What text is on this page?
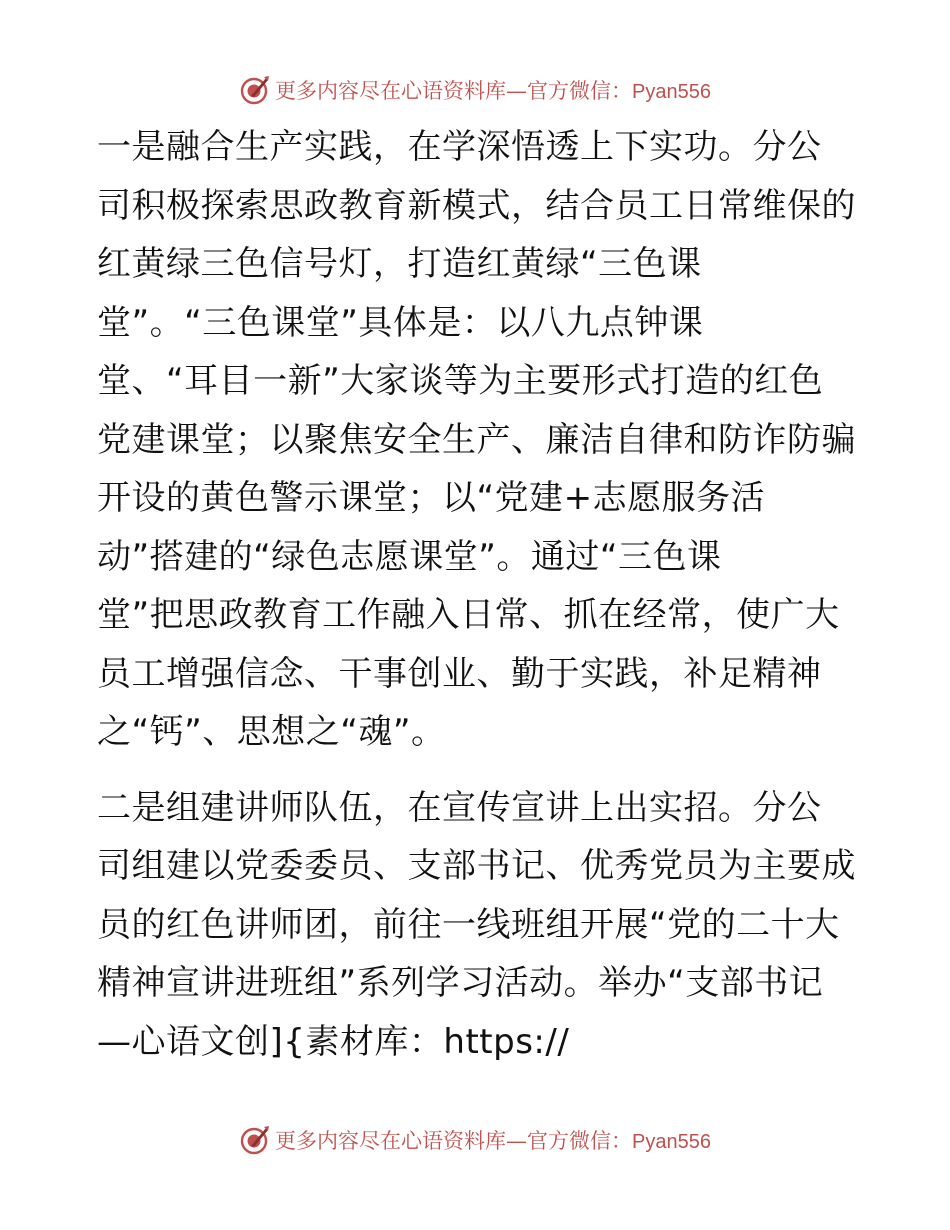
更多内容尽在心语资料库—官方微信：Pyan556

一是融合生产实践，在学深悟透上下实功。分公
司积极探索思政教育新模式，结合员工日常维保的
红黄绿三色信号灯，打造红黄绿“三色课
堂”。“三色课堂”具体是：以八九点钟课
堂、“耳目一新”大家谈等为主要形式打造的红色
党建课堂；以聚焦安全生产、廉洁自律和防诈防骗
开设的黄色警示课堂；以“党建+志愿服务活
动”搭建的“绿色志愿课堂”。通过“三色课
堂”把思政教育工作融入日常、抓在经常，使广大
员工增强信念、干事创业、勤于实践，补足精神
之“钙”、思想之“魂”。

二是组建讲师队伍，在宣传宣讲上出实招。分公
司组建以党委委员、支部书记、优秀党员为主要成
员的红色讲师团，前往一线班组开展“党的二十大
精神宣讲进班组”系列学习活动。举办“支部书记
—心语文创]{素材库：https://

更多内容尽在心语资料库—官方微信：Pyan556
